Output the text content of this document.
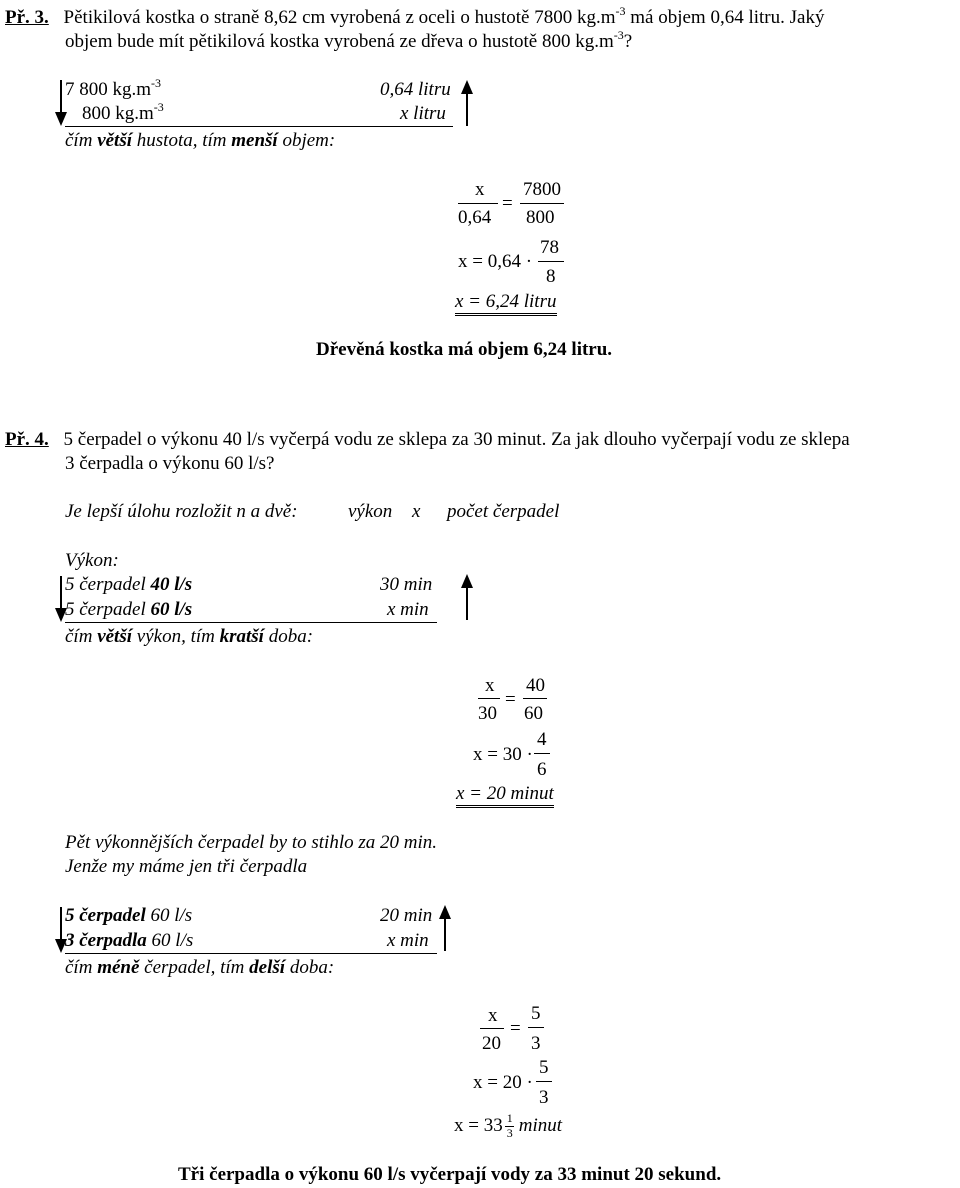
Př. 3. Pětikilová kostka o straně 8,62 cm vyrobená z oceli o hustotě 7800 $kg.m^{-3}$ má objem 0,64 litru. Jaký
objem bude mít pětikilová kostka vyrobená ze dřeva o hustotě 800 $kg.m^{-3}$?
7 800 $kg.m^{-3}$	0,64 litru
800 $kg.m^{-3}$	x litru
čím větší hustota, tím menší objem:
x
0,64
=
7800
800
x = 0,64 ·
78
8
x = 6,24 litru
Dřevěná kostka má objem 6,24 litru.
Př. 4. 5 čerpadel o výkonu 40 l/s vyčerpá vodu ze sklepa za 30 minut. Za jak dlouho vyčerpají vodu ze sklepa
3 čerpadla o výkonu 60 l/s?
Je lepší úlohu rozložit n a dvě:	výkon x počet čerpadel
Výkon:
5 čerpadel 40 l/s	30 min
5 čerpadel 60 l/s	x min
čím větší výkon, tím kratší doba:
x
30
=
40
60
x = 30 ·
4
6
x = 20 minut
Pět výkonnějších čerpadel by to stihlo za 20 min.
Jenže my máme jen tři čerpadla
5 čerpadel 60 l/s	20 min
3 čerpadla 60 l/s	x min
čím méně čerpadel, tím delší doba:
x
20
=
5
3
x = 20 ·
5
3
$x = 33 \frac{1}{3}$ minut
Tři čerpadla o výkonu 60 l/s vyčerpají vody za 33 minut 20 sekund.
